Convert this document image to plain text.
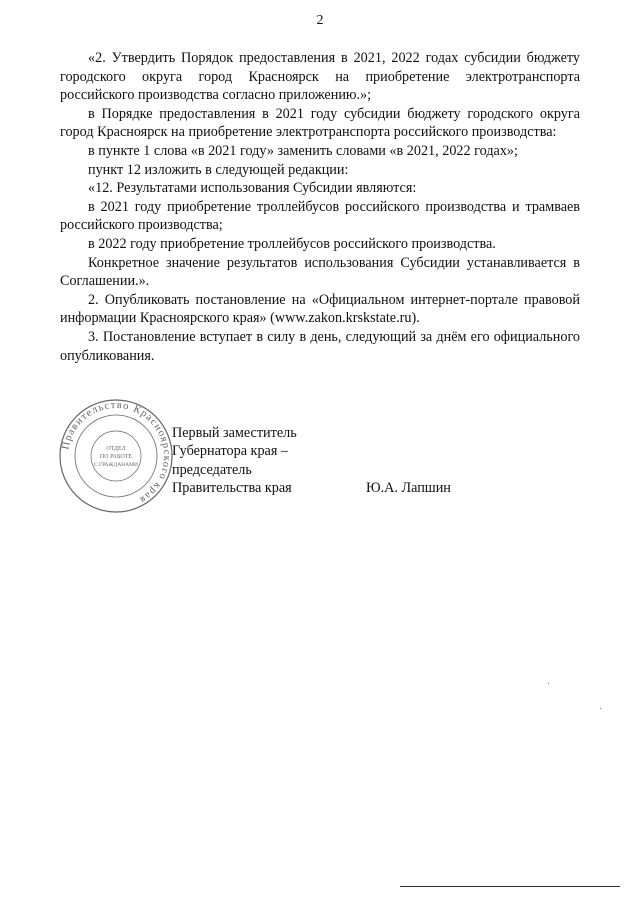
2

«2. Утвердить Порядок предоставления в 2021, 2022 годах субсидии бюджету городского округа город Красноярск на приобретение электротранспорта российского производства согласно приложению.»;

в Порядке предоставления в 2021 году субсидии бюджету городского округа город Красноярск на приобретение электротранспорта российского производства:

в пункте 1 слова «в 2021 году» заменить словами «в 2021, 2022 годах»;

пункт 12 изложить в следующей редакции:

«12. Результатами использования Субсидии являются:

в 2021 году приобретение троллейбусов российского производства и трамваев российского производства;

в 2022 году приобретение троллейбусов российского производства.

Конкретное значение результатов использования Субсидии устанавливается в Соглашении.».

2. Опубликовать постановление на «Официальном интернет-портале правовой информации Красноярского края» (www.zakon.krskstate.ru).

3. Постановление вступает в силу в день, следующий за днём его официального опубликования.

Правительство Красноярского края
ОТДЕЛ
ПО РАБОТЕ
С ГРАЖДАНАМИ
Первый заместитель
Губернатора края –
председатель
Правительства края	Ю.А. Лапшин
